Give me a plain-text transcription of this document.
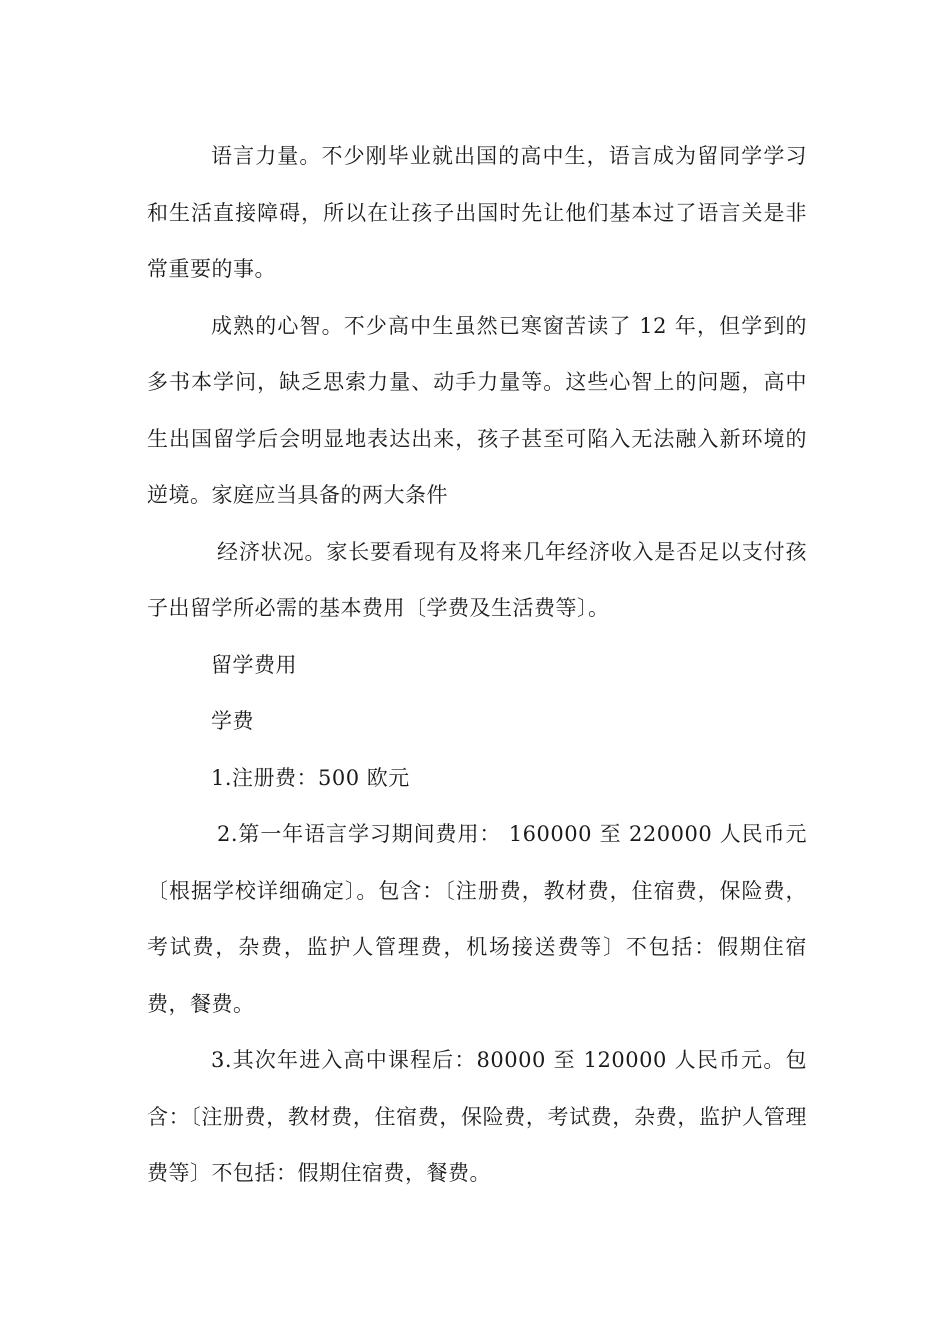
语言力量。不少刚毕业就出国的高中生，语言成为留同学学习和生活直接障碍，所以在让孩子出国时先让他们基本过了语言关是非常重要的事。

成熟的心智。不少高中生虽然已寒窗苦读了 12 年，但学到的多书本学问，缺乏思索力量、动手力量等。这些心智上的问题，高中生出国留学后会明显地表达出来，孩子甚至可陷入无法融入新环境的逆境。家庭应当具备的两大条件

经济状况。家长要看现有及将来几年经济收入是否足以支付孩子出留学所必需的基本费用〔学费及生活费等〕。

留学费用

学费

1.注册费：500 欧元

2.第一年语言学习期间费用： 160000 至 220000 人民币元〔根据学校详细确定〕。包含：〔注册费，教材费，住宿费，保险费，考试费，杂费，监护人管理费，机场接送费等〕不包括：假期住宿费，餐费。

3.其次年进入高中课程后：80000 至 120000 人民币元。包含：〔注册费，教材费，住宿费，保险费，考试费，杂费，监护人管理费等〕不包括：假期住宿费，餐费。
